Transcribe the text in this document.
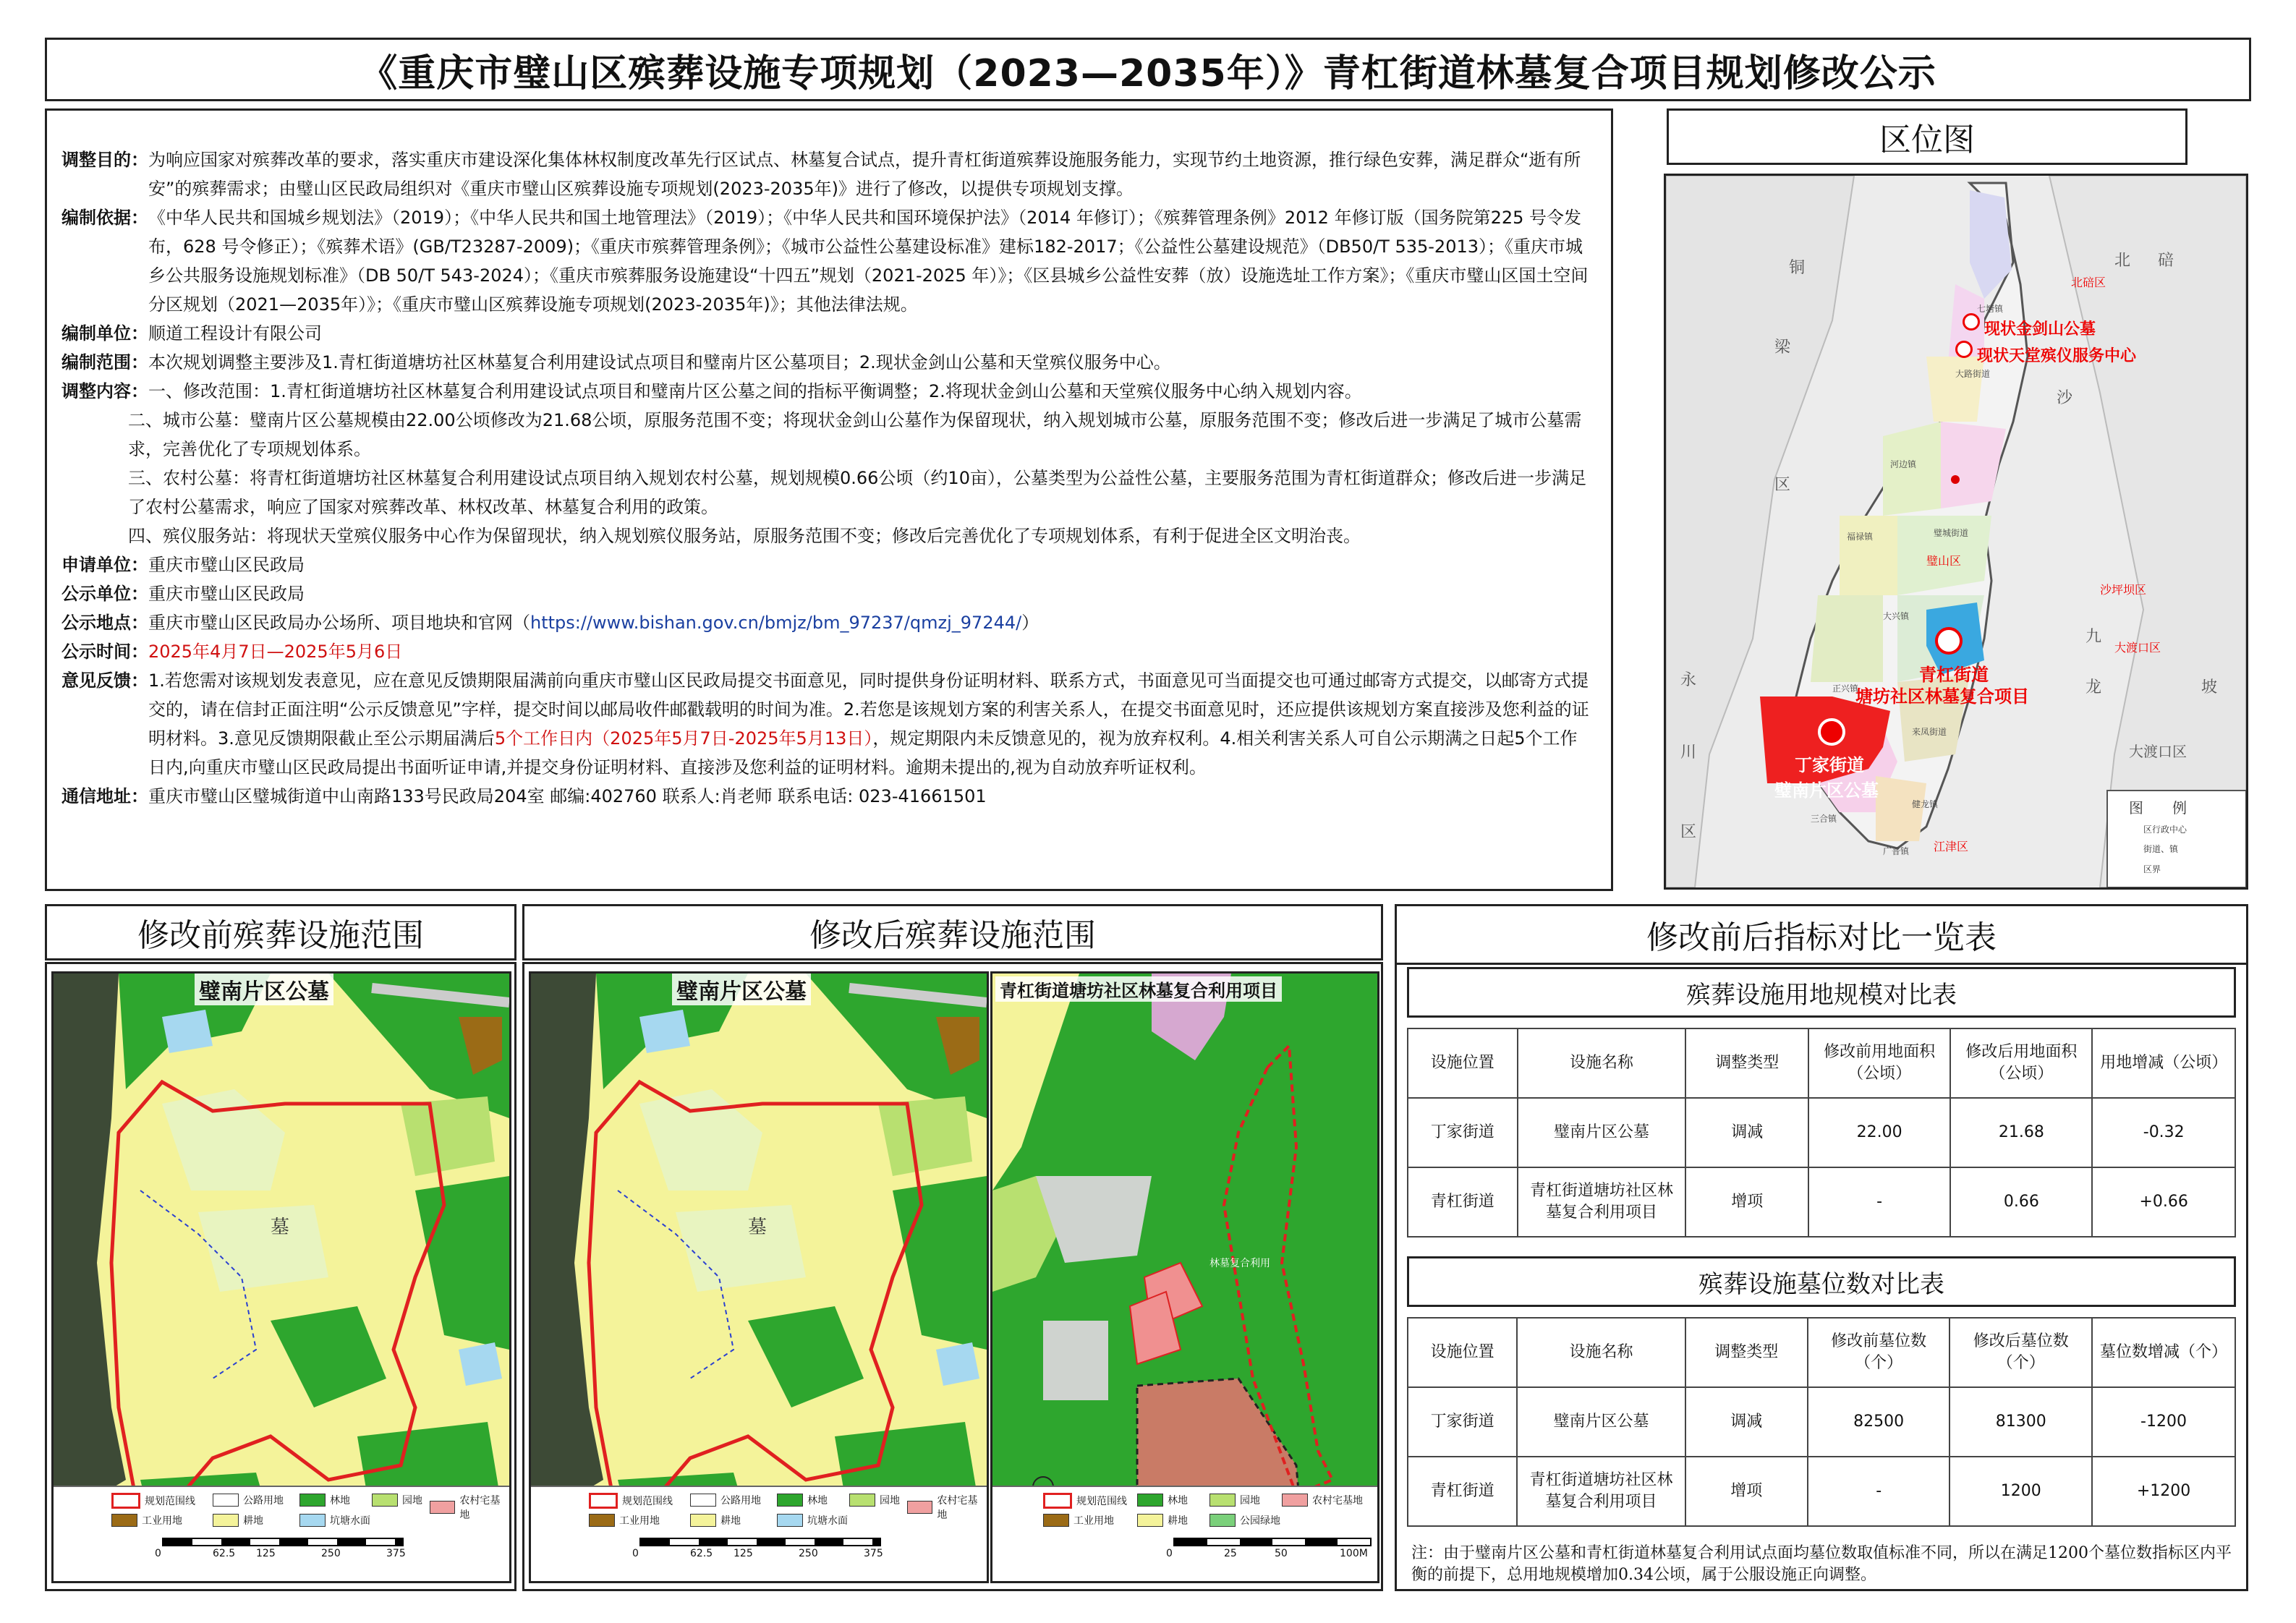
《重庆市璧山区殡葬设施专项规划（2023—2035年）》青杠街道林墓复合项目规划修改公示
调整目的： 为响应国家对殡葬改革的要求，落实重庆市建设深化集体林权制度改革先行区试点、林墓复合试点，提升青杠街道殡葬设施服务能力，实现节约土地资源，推行绿色安葬，满足群众“逝有所安”的殡葬需求；由璧山区民政局组织对《重庆市璧山区殡葬设施专项规划(2023-2035年)》进行了修改，以提供专项规划支撑。
编制依据： 《中华人民共和国城乡规划法》（2019）；《中华人民共和国土地管理法》（2019）；《中华人民共和国环境保护法》（2014 年修订）；《殡葬管理条例》2012 年修订版（国务院第225 号令发布，628 号令修正）；《殡葬术语》(GB/T23287-2009)；《重庆市殡葬管理条例》；《城市公益性公墓建设标准》建标182-2017；《公益性公墓建设规范》（DB50/T 535-2013）；《重庆市城乡公共服务设施规划标准》（DB 50/T 543-2024）；《重庆市殡葬服务设施建设“十四五”规划（2021-2025 年）》；《区县城乡公益性安葬（放）设施选址工作方案》；《重庆市璧山区国土空间分区规划（2021—2035年）》；《重庆市璧山区殡葬设施专项规划(2023-2035年)》；其他法律法规。
编制单位： 顺道工程设计有限公司
编制范围： 本次规划调整主要涉及1.青杠街道塘坊社区林墓复合利用建设试点项目和璧南片区公墓项目；2.现状金剑山公墓和天堂殡仪服务中心。
调整内容： 一、修改范围：1.青杠街道塘坊社区林墓复合利用建设试点项目和璧南片区公墓之间的指标平衡调整；2.将现状金剑山公墓和天堂殡仪服务中心纳入规划内容。
二、城市公墓：璧南片区公墓规模由22.00公顷修改为21.68公顷，原服务范围不变；将现状金剑山公墓作为保留现状，纳入规划城市公墓，原服务范围不变；修改后进一步满足了城市公墓需求，完善优化了专项规划体系。
三、农村公墓：将青杠街道塘坊社区林墓复合利用建设试点项目纳入规划农村公墓，规划规模0.66公顷（约10亩），公墓类型为公益性公墓，主要服务范围为青杠街道群众；修改后进一步满足了农村公墓需求，响应了国家对殡葬改革、林权改革、林墓复合利用的政策。
四、殡仪服务站：将现状天堂殡仪服务中心作为保留现状，纳入规划殡仪服务站，原服务范围不变；修改后完善优化了专项规划体系，有利于促进全区文明治丧。
申请单位： 重庆市璧山区民政局
公示单位： 重庆市璧山区民政局
公示地点： 重庆市璧山区民政局办公场所、项目地块和官网（https://www.bishan.gov.cn/bmjz/bm_97237/qmzj_97244/）
公示时间： 2025年4月7日—2025年5月6日
意见反馈： 1.若您需对该规划发表意见，应在意见反馈期限届满前向重庆市璧山区民政局提交书面意见，同时提供身份证明材料、联系方式，书面意见可当面提交也可通过邮寄方式提交，以邮寄方式提交的，请在信封正面注明“公示反馈意见”字样，提交时间以邮局收件邮戳载明的时间为准。2.若您是该规划方案的利害关系人，在提交书面意见时，还应提供该规划方案直接涉及您利益的证明材料。3.意见反馈期限截止至公示期届满后5个工作日内（2025年5月7日-2025年5月13日），规定期限内未反馈意见的，视为放弃权利。4.相关利害关系人可自公示期满之日起5个工作日内,向重庆市璧山区民政局提出书面听证申请,并提交身份证明材料、直接涉及您利益的证明材料。逾期未提出的,视为自动放弃听证权利。
通信地址： 重庆市璧山区璧城街道中山南路133号民政局204室 邮编:402760 联系人:肖老师 联系电话: 023-41661501
区位图
现状金剑山公墓
现状天堂殡仪服务中心
青杠街道
塘坊社区林墓复合项目
丁家街道
璧南片区公墓
北碚区
沙坪坝区
大渡口区
江津区
璧山区
大渡口区
北 碚
铜
梁
区
沙
永
川
区
九
龙	坡
图 例
区行政中心
街道、镇
区界
七塘镇
大路街道
河边镇
福禄镇	璧城街道
大兴镇
正兴镇
来凤街道
三合镇
广普镇
健龙镇
修改前殡葬设施范围
璧南片区公墓
墓
规划范围线	公路用地	林地	园地	农村宅基地
工业用地	耕地	坑塘水面
0	62.5 125	250	375
修改后殡葬设施范围
璧南片区公墓
墓
规划范围线	公路用地	林地	园地	农村宅基地
工业用地	耕地	坑塘水面
0	62.5 125	250	375
青杠街道塘坊社区林墓复合利用项目
林墓复合利用
规划范围线	林地	园地	农村宅基地
工业用地	耕地	公园绿地
0	25	50	100M
修改前后指标对比一览表
殡葬设施用地规模对比表
设施位置	设施名称	调整类型	修改前用地面积（公顷）	修改后用地面积（公顷）	用地增减（公顷）
丁家街道	璧南片区公墓	调减	22.00	21.68	-0.32
青杠街道	青杠街道塘坊社区林墓复合利用项目	增项	-	0.66	+0.66
殡葬设施墓位数对比表
设施位置	设施名称	调整类型	修改前墓位数（个）	修改后墓位数（个）	墓位数增减（个）
丁家街道	璧南片区公墓	调减	82500	81300	-1200
青杠街道	青杠街道塘坊社区林墓复合利用项目	增项	-	1200	+1200
注：由于璧南片区公墓和青杠街道林墓复合利用试点面均墓位数取值标准不同，所以在满足1200个墓位数指标区内平衡的前提下，总用地规模增加0.34公顷，属于公服设施正向调整。
